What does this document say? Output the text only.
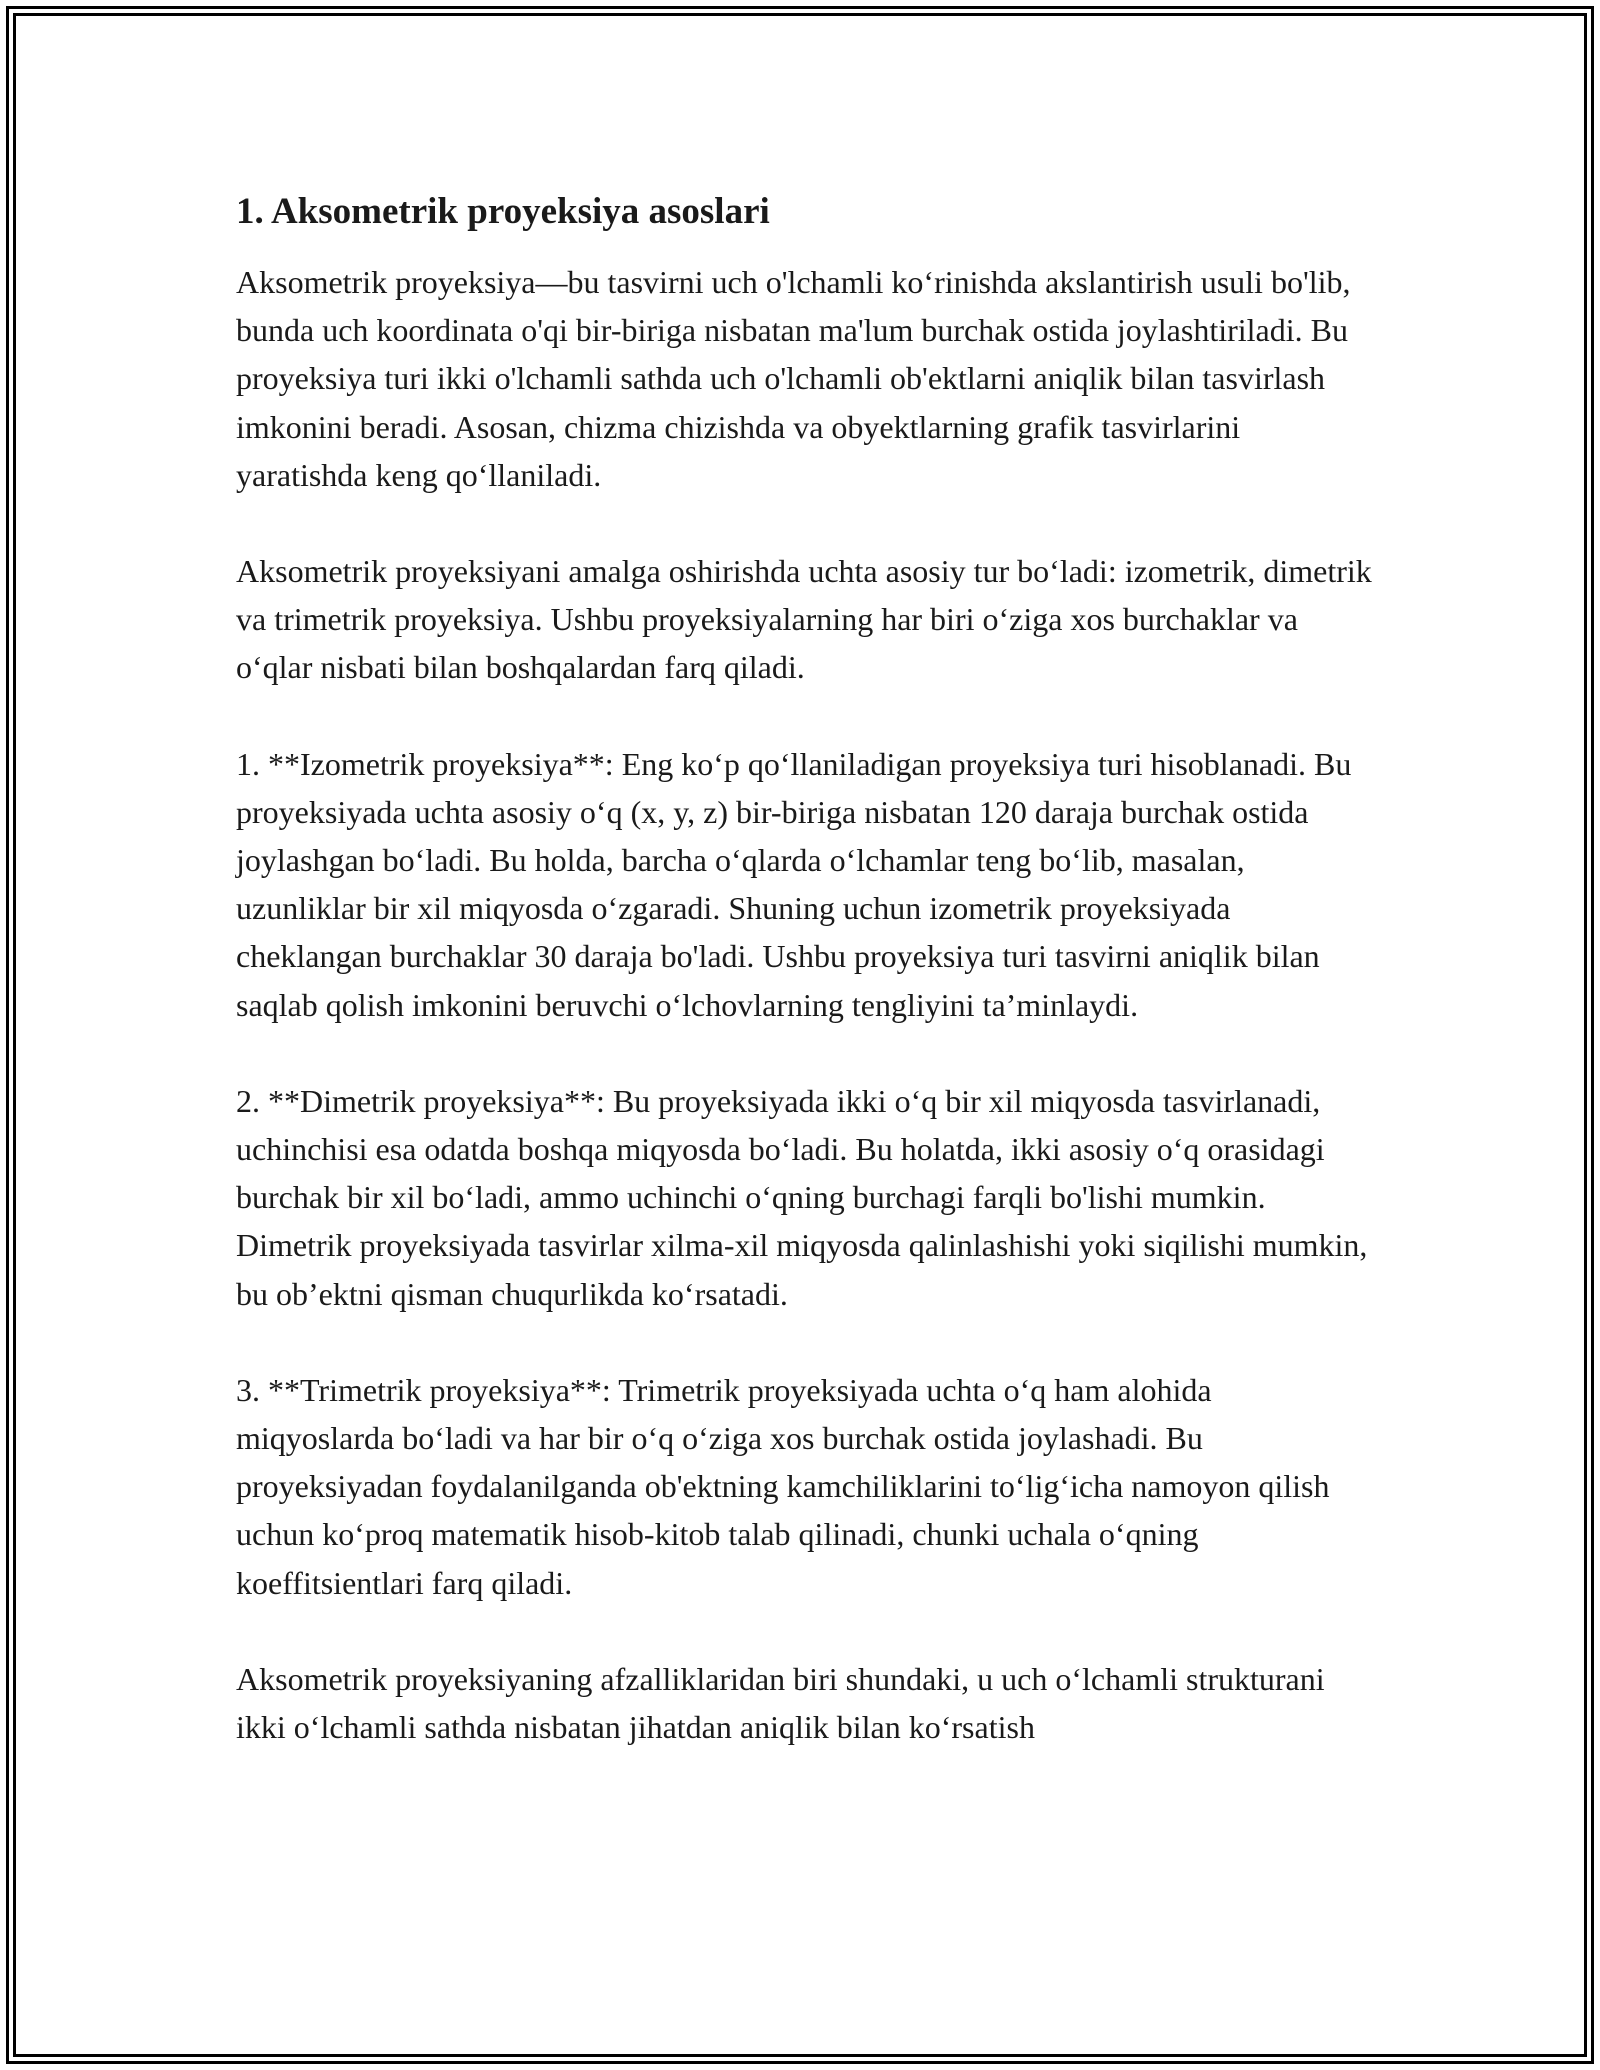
1. Aksometrik proyeksiya asoslari

Aksometrik proyeksiya—bu tasvirni uch o'lchamli koʻrinishda akslantirish usuli bo'lib, bunda uch koordinata o'qi bir-biriga nisbatan ma'lum burchak ostida joylashtiriladi. Bu proyeksiya turi ikki o'lchamli sathda uch o'lchamli ob'ektlarni aniqlik bilan tasvirlash imkonini beradi. Asosan, chizma chizishda va obyektlarning grafik tasvirlarini yaratishda keng qoʻllaniladi.

Aksometrik proyeksiyani amalga oshirishda uchta asosiy tur boʻladi: izometrik, dimetrik va trimetrik proyeksiya. Ushbu proyeksiyalarning har biri oʻziga xos burchaklar va oʻqlar nisbati bilan boshqalardan farq qiladi.

1. **Izometrik proyeksiya**: Eng koʻp qoʻllaniladigan proyeksiya turi hisoblanadi. Bu proyeksiyada uchta asosiy oʻq (x, y, z) bir-biriga nisbatan 120 daraja burchak ostida joylashgan boʻladi. Bu holda, barcha oʻqlarda oʻlchamlar teng boʻlib, masalan, uzunliklar bir xil miqyosda oʻzgaradi. Shuning uchun izometrik proyeksiyada cheklangan burchaklar 30 daraja bo'ladi. Ushbu proyeksiya turi tasvirni aniqlik bilan saqlab qolish imkonini beruvchi oʻlchovlarning tengliyini ta’minlaydi.

2. **Dimetrik proyeksiya**: Bu proyeksiyada ikki oʻq bir xil miqyosda tasvirlanadi, uchinchisi esa odatda boshqa miqyosda boʻladi. Bu holatda, ikki asosiy oʻq orasidagi burchak bir xil boʻladi, ammo uchinchi oʻqning burchagi farqli bo'lishi mumkin. Dimetrik proyeksiyada tasvirlar xilma-xil miqyosda qalinlashishi yoki siqilishi mumkin, bu ob’ektni qisman chuqurlikda koʻrsatadi.

3. **Trimetrik proyeksiya**: Trimetrik proyeksiyada uchta oʻq ham alohida miqyoslarda boʻladi va har bir oʻq oʻziga xos burchak ostida joylashadi. Bu proyeksiyadan foydalanilganda ob'ektning kamchiliklarini toʻligʻicha namoyon qilish uchun koʻproq matematik hisob-kitob talab qilinadi, chunki uchala oʻqning koeffitsientlari farq qiladi.

Aksometrik proyeksiyaning afzalliklaridan biri shundaki, u uch oʻlchamli strukturani ikki oʻlchamli sathda nisbatan jihatdan aniqlik bilan koʻrsatish
